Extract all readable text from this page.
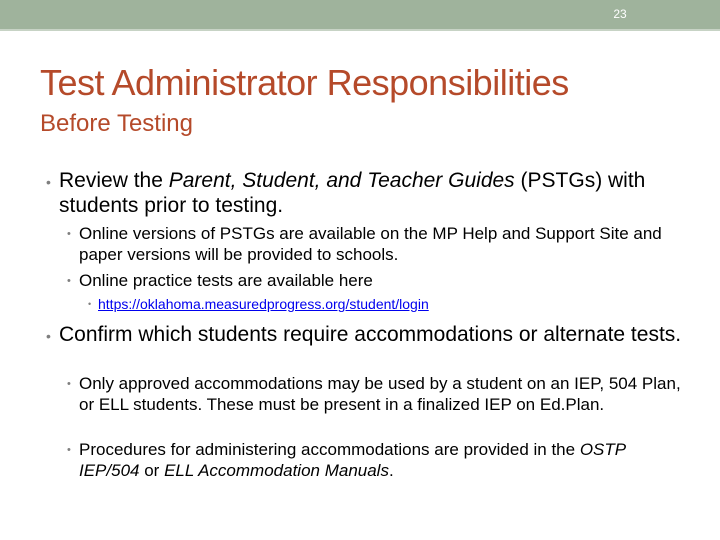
23
Test Administrator Responsibilities
Before Testing
• Review the Parent, Student, and Teacher Guides (PSTGs) with students prior to testing.
• Online versions of PSTGs are available on the MP Help and Support Site and paper versions will be provided to schools.
• Online practice tests are available here
• https://oklahoma.measuredprogress.org/student/login
• Confirm which students require accommodations or alternate tests.
• Only approved accommodations may be used by a student on an IEP, 504 Plan, or ELL students. These must be present in a finalized IEP on Ed.Plan.
• Procedures for administering accommodations are provided in the OSTP IEP/504 or ELL Accommodation Manuals.
